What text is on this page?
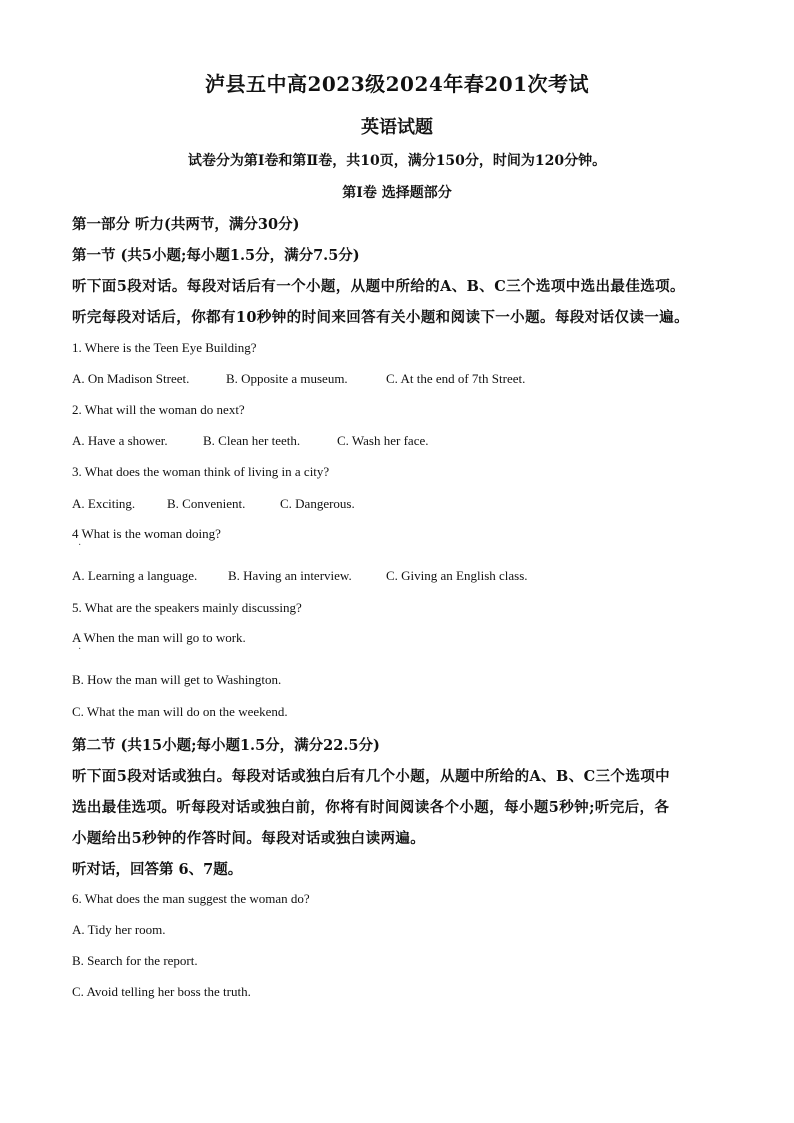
泸县五中高2023级2024年春201次考试
英语试题
试卷分为第Ⅰ卷和第Ⅱ卷，共10页，满分150分，时间为120分钟。
第Ⅰ卷 选择题部分
第一部分 听力(共两节，满分30分)
第一节 (共5小题;每小题1.5分，满分7.5分)
听下面5段对话。每段对话后有一个小题，从题中所给的A、B、C三个选项中选出最佳选项。
听完每段对话后，你都有10秒钟的时间来回答有关小题和阅读下一小题。每段对话仅读一遍。
1. Where is the Teen Eye Building?
A. On Madison Street.	B. Opposite a museum.	C. At the end of 7th Street.
2. What will the woman do next?
A. Have a shower.	B. Clean her teeth.	C. Wash her face.
3. What does the woman think of living in a city?
A. Exciting. B. Convenient.	C. Dangerous.
4 What is the woman doing?
·
A. Learning a language. B. Having an interview.	C. Giving an English class.
5. What are the speakers mainly discussing?
A When the man will go to work.
·
B. How the man will get to Washington.
C. What the man will do on the weekend.
第二节 (共15小题;每小题1.5分，满分22.5分)
听下面5段对话或独白。每段对话或独白后有几个小题，从题中所给的A、B、C三个选项中
选出最佳选项。听每段对话或独白前，你将有时间阅读各个小题，每小题5秒钟;听完后，各
小题给出5秒钟的作答时间。每段对话或独白读两遍。
听对话，回答第 6、7题。
6. What does the man suggest the woman do?
A. Tidy her room.
B. Search for the report.
C. Avoid telling her boss the truth.
